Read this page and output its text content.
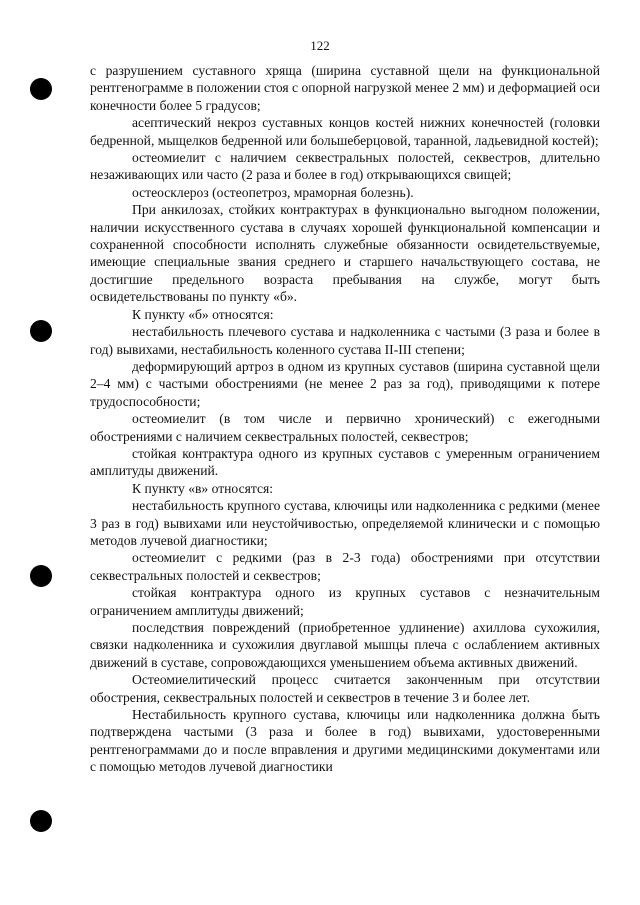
122

с разрушением суставного хряща (ширина суставной щели на функциональной рентгенограмме в положении стоя с опорной нагрузкой менее 2 мм) и деформацией оси конечности более 5 градусов;

асептический некроз суставных концов костей нижних конечностей (головки бедренной, мыщелков бедренной или большеберцовой, таранной, ладьевидной костей);

остеомиелит с наличием секвестральных полостей, секвестров, длительно незаживающих или часто (2 раза и более в год) открывающихся свищей;

остеосклероз (остеопетроз, мраморная болезнь).

При анкилозах, стойких контрактурах в функционально выгодном положении, наличии искусственного сустава в случаях хорошей функциональной компенсации и сохраненной способности исполнять служебные обязанности освидетельствуемые, имеющие специальные звания среднего и старшего начальствующего состава, не достигшие предельного возраста пребывания на службе, могут быть освидетельствованы по пункту «б».

К пункту «б» относятся:

нестабильность плечевого сустава и надколенника с частыми (3 раза и более в год) вывихами, нестабильность коленного сустава II-III степени;

деформирующий артроз в одном из крупных суставов (ширина суставной щели 2–4 мм) с частыми обострениями (не менее 2 раз за год), приводящими к потере трудоспособности;

остеомиелит (в том числе и первично хронический) с ежегодными обострениями с наличием секвестральных полостей, секвестров;

стойкая контрактура одного из крупных суставов с умеренным ограничением амплитуды движений.

К пункту «в» относятся:

нестабильность крупного сустава, ключицы или надколенника с редкими (менее 3 раз в год) вывихами или неустойчивостью, определяемой клинически и с помощью методов лучевой диагностики;

остеомиелит с редкими (раз в 2-3 года) обострениями при отсутствии секвестральных полостей и секвестров;

стойкая контрактура одного из крупных суставов с незначительным ограничением амплитуды движений;

последствия повреждений (приобретенное удлинение) ахиллова сухожилия, связки надколенника и сухожилия двуглавой мышцы плеча с ослаблением активных движений в суставе, сопровождающихся уменьшением объема активных движений.

Остеомиелитический процесс считается законченным при отсутствии обострения, секвестральных полостей и секвестров в течение 3 и более лет.

Нестабильность крупного сустава, ключицы или надколенника должна быть подтверждена частыми (3 раза и более в год) вывихами, удостоверенными рентгенограммами до и после вправления и другими медицинскими документами или с помощью методов лучевой диагностики
